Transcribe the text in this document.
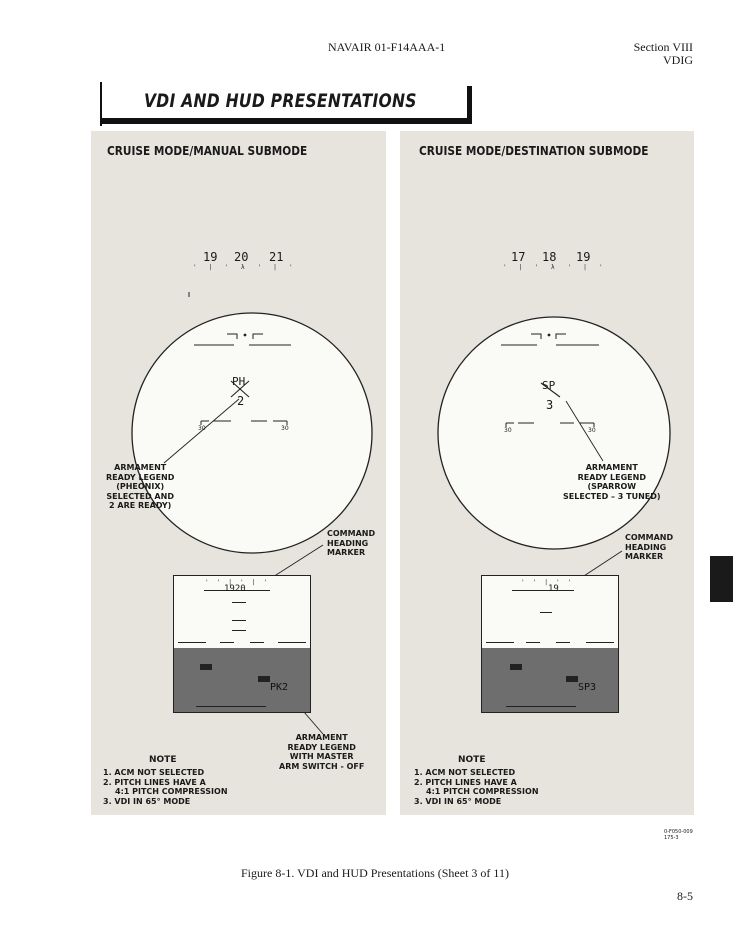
NAVAIR 01-F14AAA-1	Section VIII
VDIG
VDI AND HUD PRESENTATIONS
CRUISE MODE/MANUAL SUBMODE
19 20 21
' | ' λ ' | '
PH
2
30	30
ARMAMENT
READY LEGEND
(PHEONIX)
SELECTED AND
2 ARE READY)
COMMAND
HEADING
MARKER
' ' | ' | '
1920
PK2
ARMAMENT
READY LEGEND
WITH MASTER
ARM SWITCH - OFF
NOTE
1. ACM NOT SELECTED
2. PITCH LINES HAVE A
4:1 PITCH COMPRESSION
3. VDI IN 65° MODE
CRUISE MODE/DESTINATION SUBMODE
17 18 19
' | ' λ ' | '
SP
3
30	30
ARMAMENT
READY LEGEND
(SPARROW
SELECTED – 3 TUNED)
COMMAND
HEADING
MARKER
' ' | ' '
19
SP3
NOTE
1. ACM NOT SELECTED
2. PITCH LINES HAVE A
4:1 PITCH COMPRESSION
3. VDI IN 65° MODE
0-F050-009
175-3
Figure 8-1. VDI and HUD Presentations (Sheet 3 of 11)
8-5
